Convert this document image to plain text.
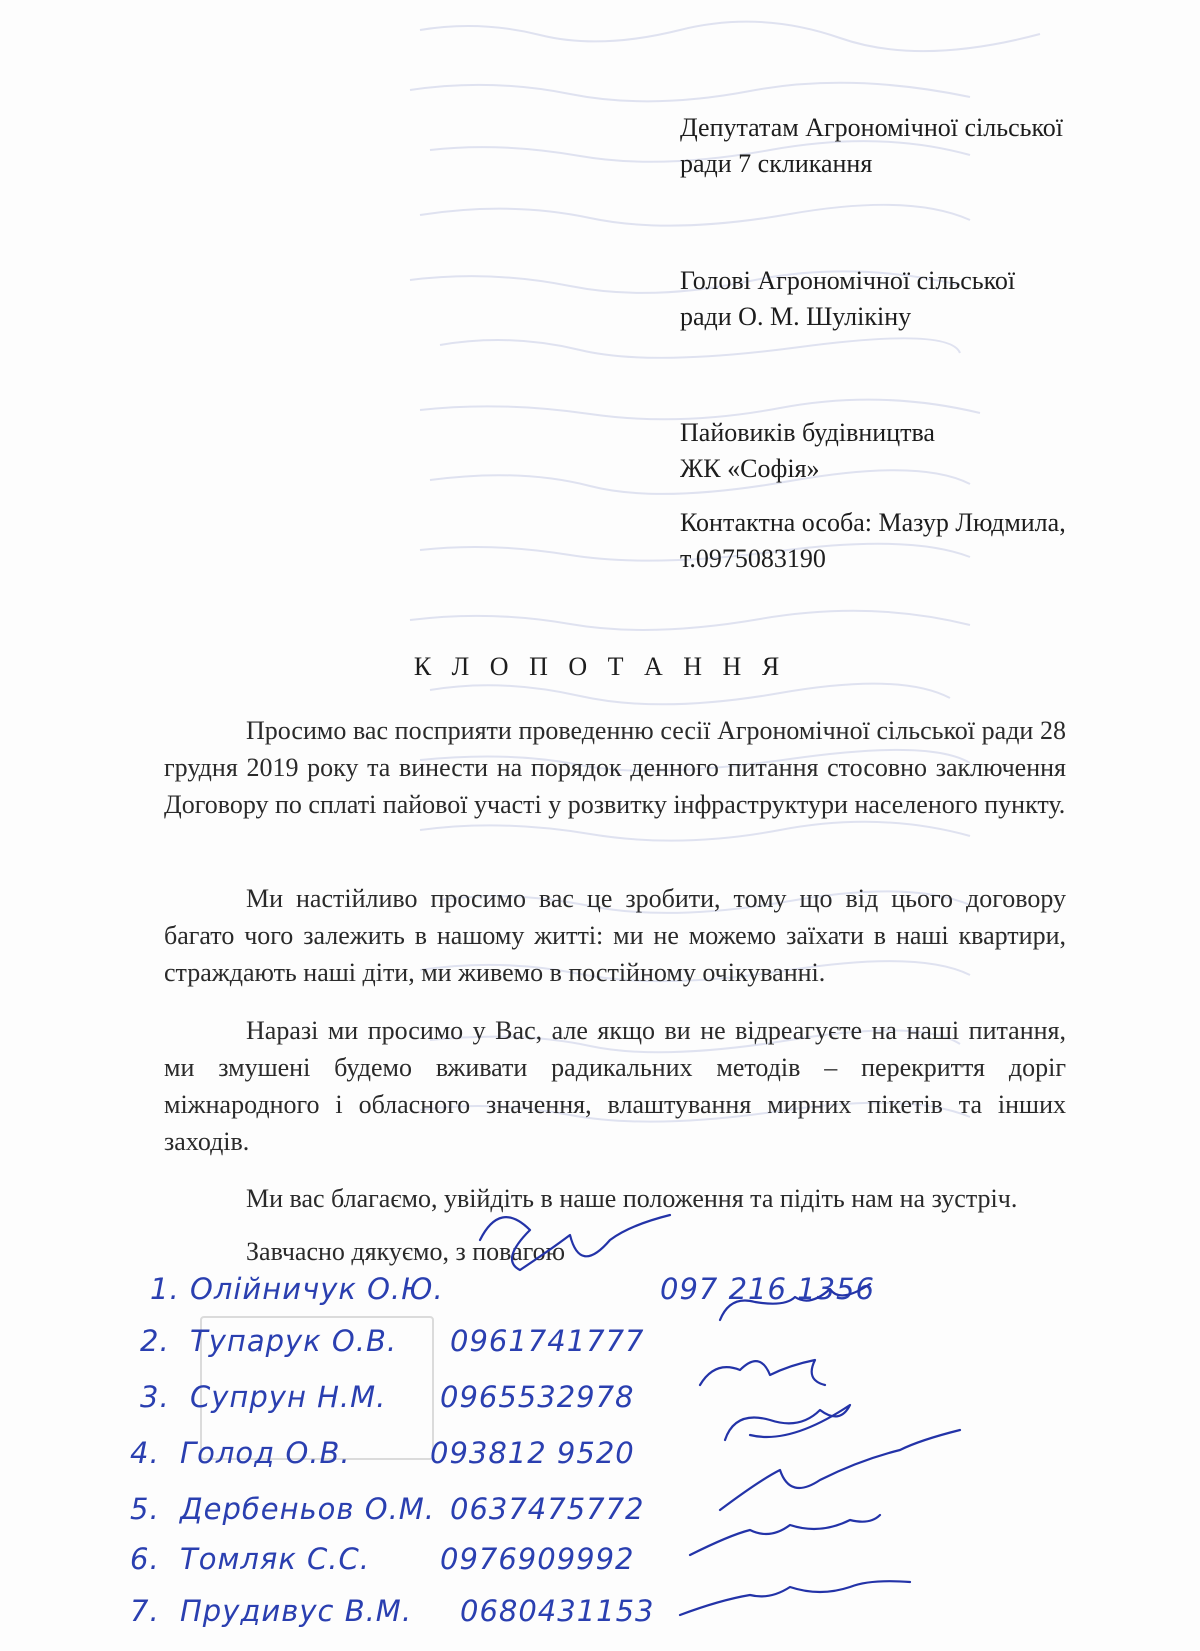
Депутатам Агрономічної сільської
ради 7 скликання
Голові Агрономічної сільської
ради О. М. Шулікіну
Пайовиків будівництва
ЖК «Софія»
Контактна особа: Мазур Людмила,
т.0975083190
К Л О П О Т А Н Н Я
Просимо вас посприяти проведенню сесії Агрономічної сільської ради 28 грудня 2019 року та винести на порядок денного питання стосовно заключення Договору по сплаті пайової участі у розвитку інфраструктури населеного пункту.
Ми настійливо просимо вас це зробити, тому що від цього договору багато чого залежить в нашому житті: ми не можемо заїхати в наші квартири, страждають наші діти, ми живемо в постійному очікуванні.
Наразі ми просимо у Вас, але якщо ви не відреагуєте на наші питання, ми змушені будемо вживати радикальних методів – перекриття доріг міжнародного і обласного значення, влаштування мирних пікетів та інших заходів.
Ми вас благаємо, увійдіть в наше положення та підіть нам на зустріч.
Завчасно дякуємо, з повагою
1. Олійничук О.Ю.	097 216 1356
2. Тупарук О.В. 0961741777
3. Супрун Н.М. 0965532978
4. Голод О.В.	093812 9520
5. Дербеньов О.М. 0637475772
6. Томляк С.С. 0976909992
7. Прудивус В.М. 0680431153
